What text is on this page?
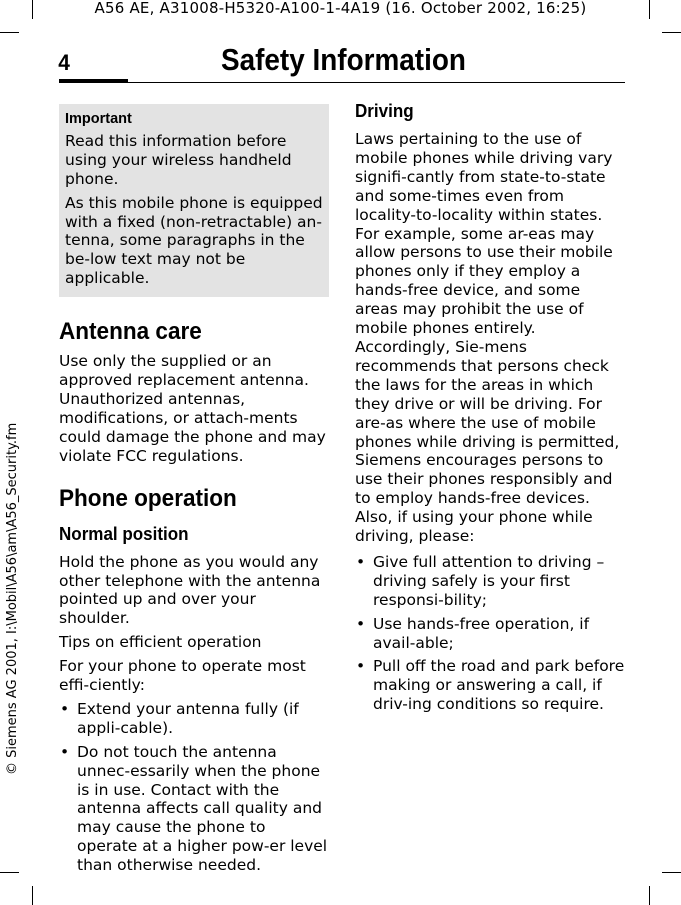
A56 AE, A31008-H5320-A100-1-4A19 (16. October 2002, 16:25)
© Siemens AG 2001, I:\Mobil\A56\am\A56_Security.fm
4	Safety Information
Important

Read this information before using your wireless handheld phone.

As this mobile phone is equipped with a fixed (non-retractable) an-tenna, some paragraphs in the be-low text may not be applicable.

Antenna care

Use only the supplied or an approved replacement antenna. Unauthorized antennas, modifications, or attach-ments could damage the phone and may violate FCC regulations.

Phone operation
Normal position

Hold the phone as you would any other telephone with the antenna pointed up and over your shoulder.

Tips on efficient operation

For your phone to operate most effi-ciently:

• Extend your antenna fully (if appli-cable).
• Do not touch the antenna unnec-essarily when the phone is in use. Contact with the antenna affects call quality and may cause the phone to operate at a higher pow-er level than otherwise needed.
Driving

Laws pertaining to the use of mobile phones while driving vary signifi-cantly from state-to-state and some-times even from locality-to-locality within states. For example, some ar-eas may allow persons to use their mobile phones only if they employ a hands-free device, and some areas may prohibit the use of mobile phones entirely. Accordingly, Sie-mens recommends that persons check the laws for the areas in which they drive or will be driving. For are-as where the use of mobile phones while driving is permitted, Siemens encourages persons to use their phones responsibly and to employ hands-free devices. Also, if using your phone while driving, please:

• Give full attention to driving – driving safely is your first responsi-bility;
• Use hands-free operation, if avail-able;
• Pull off the road and park before making or answering a call, if driv-ing conditions so require.
